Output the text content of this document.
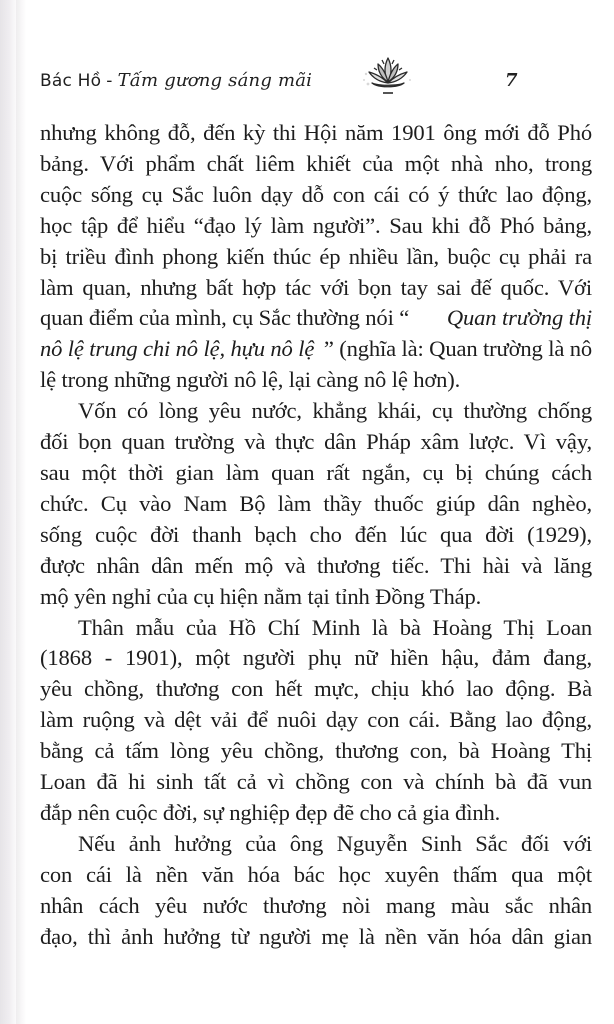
Bác Hồ - Tấm gương sáng mãi	7

nhưng không đỗ, đến kỳ thi Hội năm 1901 ông mới đỗ Phó
bảng. Với phẩm chất liêm khiết của một nhà nho, trong
cuộc sống cụ Sắc luôn dạy dỗ con cái có ý thức lao động,
học tập để hiểu “đạo lý làm người”. Sau khi đỗ Phó bảng,
bị triều đình phong kiến thúc ép nhiều lần, buộc cụ phải ra
làm quan, nhưng bất hợp tác với bọn tay sai đế quốc. Với
quan điểm của mình, cụ Sắc thường nói “ Quan trường thị
nô lệ trung chi nô lệ, hựu nô lệ ” (nghĩa là: Quan trường là nô
lệ trong những người nô lệ, lại càng nô lệ hơn).

Vốn có lòng yêu nước, khẳng khái, cụ thường chống
đối bọn quan trường và thực dân Pháp xâm lược. Vì vậy,
sau một thời gian làm quan rất ngắn, cụ bị chúng cách
chức. Cụ vào Nam Bộ làm thầy thuốc giúp dân nghèo,
sống cuộc đời thanh bạch cho đến lúc qua đời (1929),
được nhân dân mến mộ và thương tiếc. Thi hài và lăng
mộ yên nghỉ của cụ hiện nằm tại tỉnh Đồng Tháp.

Thân mẫu của Hồ Chí Minh là bà Hoàng Thị Loan
(1868 - 1901), một người phụ nữ hiền hậu, đảm đang,
yêu chồng, thương con hết mực, chịu khó lao động. Bà
làm ruộng và dệt vải để nuôi dạy con cái. Bằng lao động,
bằng cả tấm lòng yêu chồng, thương con, bà Hoàng Thị
Loan đã hi sinh tất cả vì chồng con và chính bà đã vun
đắp nên cuộc đời, sự nghiệp đẹp đẽ cho cả gia đình.

Nếu ảnh hưởng của ông Nguyễn Sinh Sắc đối với
con cái là nền văn hóa bác học xuyên thấm qua một
nhân cách yêu nước thương nòi mang màu sắc nhân
đạo, thì ảnh hưởng từ người mẹ là nền văn hóa dân gian
